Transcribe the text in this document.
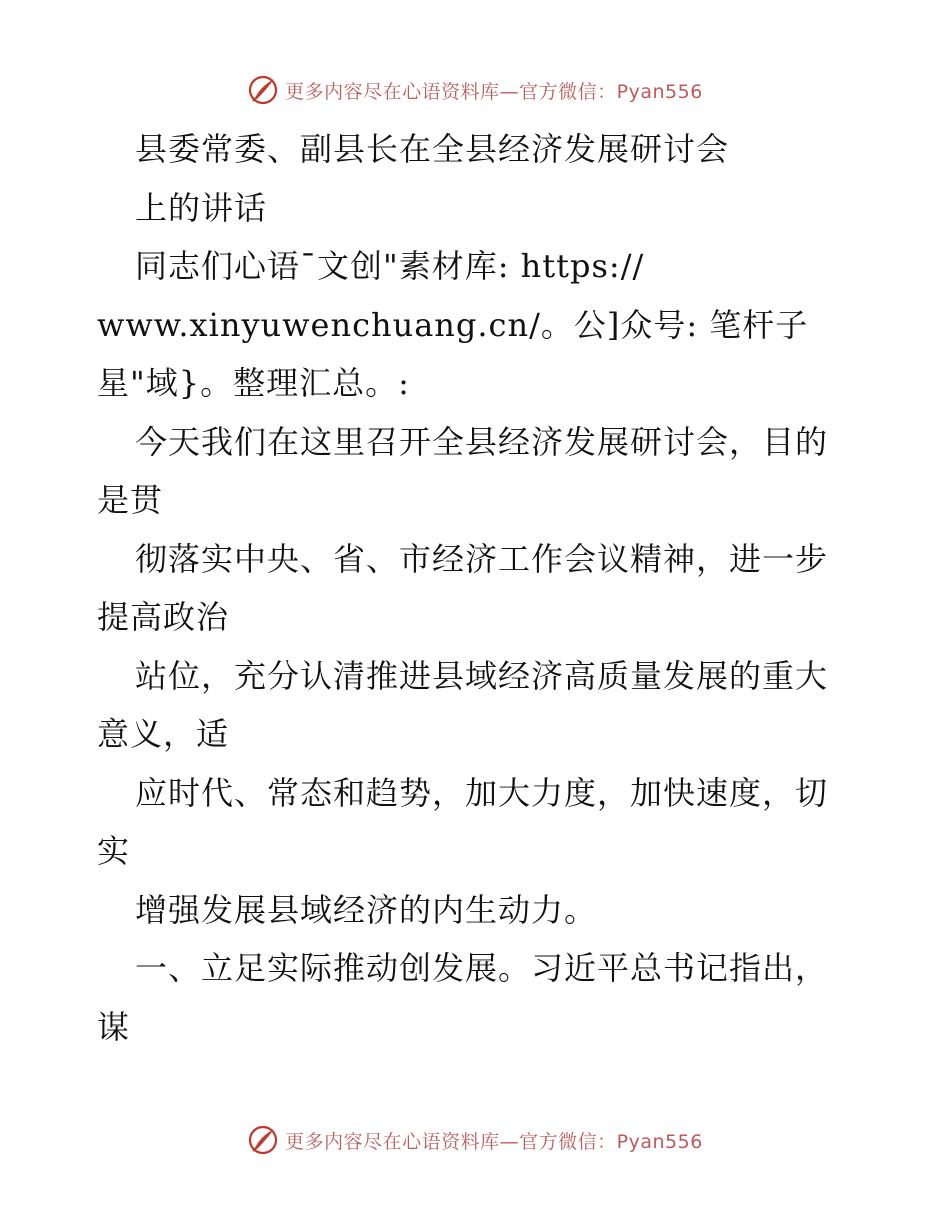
更多内容尽在心语资料库—官方微信：Pyan556
县委常委、副县长在全县经济发展研讨会
上的讲话
同志们心语¯文创"素材库: https://
www.xinyuwenchuang.cn/。公]众号: 笔杆子
星"域}。整理汇总。:
今天我们在这里召开全县经济发展研讨会，目的
是贯
彻落实中央、省、市经济工作会议精神，进一步
提高政治
站位，充分认清推进县域经济高质量发展的重大
意义，适
应时代、常态和趋势，加大力度，加快速度，切
实
增强发展县域经济的内生动力。
一、立足实际推动创发展。习近平总书记指出，
谋
更多内容尽在心语资料库—官方微信：Pyan556
